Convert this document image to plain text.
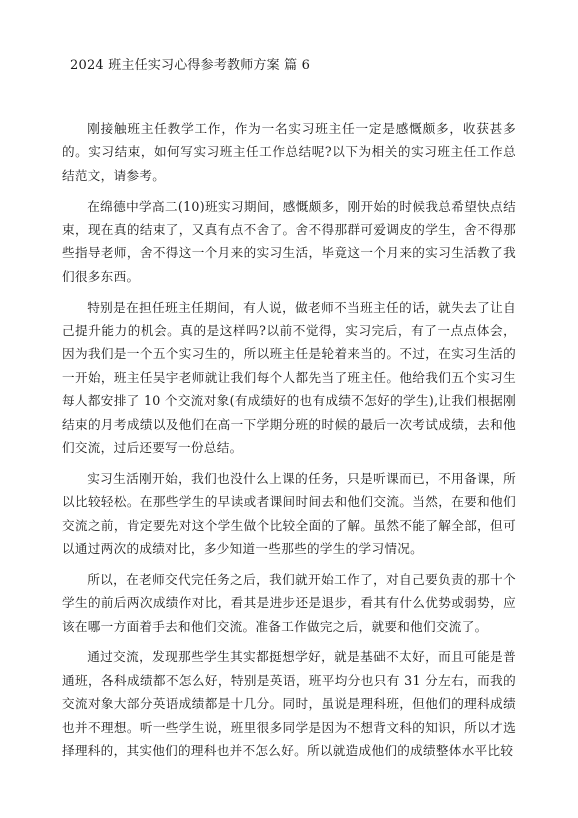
2024 班主任实习心得参考教师方案 篇 6

刚接触班主任教学工作，作为一名实习班主任一定是感慨颇多，收获甚多的。实习结束，如何写实习班主任工作总结呢?以下为相关的实习班主任工作总结范文，请参考。

在绵德中学高二(10)班实习期间，感慨颇多，刚开始的时候我总希望快点结束，现在真的结束了，又真有点不舍了。舍不得那群可爱调皮的学生，舍不得那些指导老师，舍不得这一个月来的实习生活，毕竟这一个月来的实习生活教了我们很多东西。

特别是在担任班主任期间，有人说，做老师不当班主任的话，就失去了让自己提升能力的机会。真的是这样吗?以前不觉得，实习完后，有了一点点体会，因为我们是一个五个实习生的，所以班主任是轮着来当的。不过，在实习生活的一开始，班主任吴宇老师就让我们每个人都先当了班主任。他给我们五个实习生每人都安排了 10 个交流对象(有成绩好的也有成绩不怎好的学生),让我们根据刚结束的月考成绩以及他们在高一下学期分班的时候的最后一次考试成绩，去和他们交流，过后还要写一份总结。

实习生活刚开始，我们也没什么上课的任务，只是听课而已，不用备课，所以比较轻松。在那些学生的早读或者课间时间去和他们交流。当然，在要和他们交流之前，肯定要先对这个学生做个比较全面的了解。虽然不能了解全部，但可以通过两次的成绩对比，多少知道一些那些的学生的学习情况。

所以，在老师交代完任务之后，我们就开始工作了，对自己要负责的那十个学生的前后两次成绩作对比，看其是进步还是退步，看其有什么优势或弱势，应该在哪一方面着手去和他们交流。准备工作做完之后，就要和他们交流了。

通过交流，发现那些学生其实都挺想学好，就是基础不太好，而且可能是普通班，各科成绩都不怎么好，特别是英语，班平均分也只有 31 分左右，而我的交流对象大部分英语成绩都是十几分。同时，虽说是理科班，但他们的理科成绩也并不理想。听一些学生说，班里很多同学是因为不想背文科的知识，所以才选择理科的，其实他们的理科也并不怎么好。所以就造成他们的成绩整体水平比较
